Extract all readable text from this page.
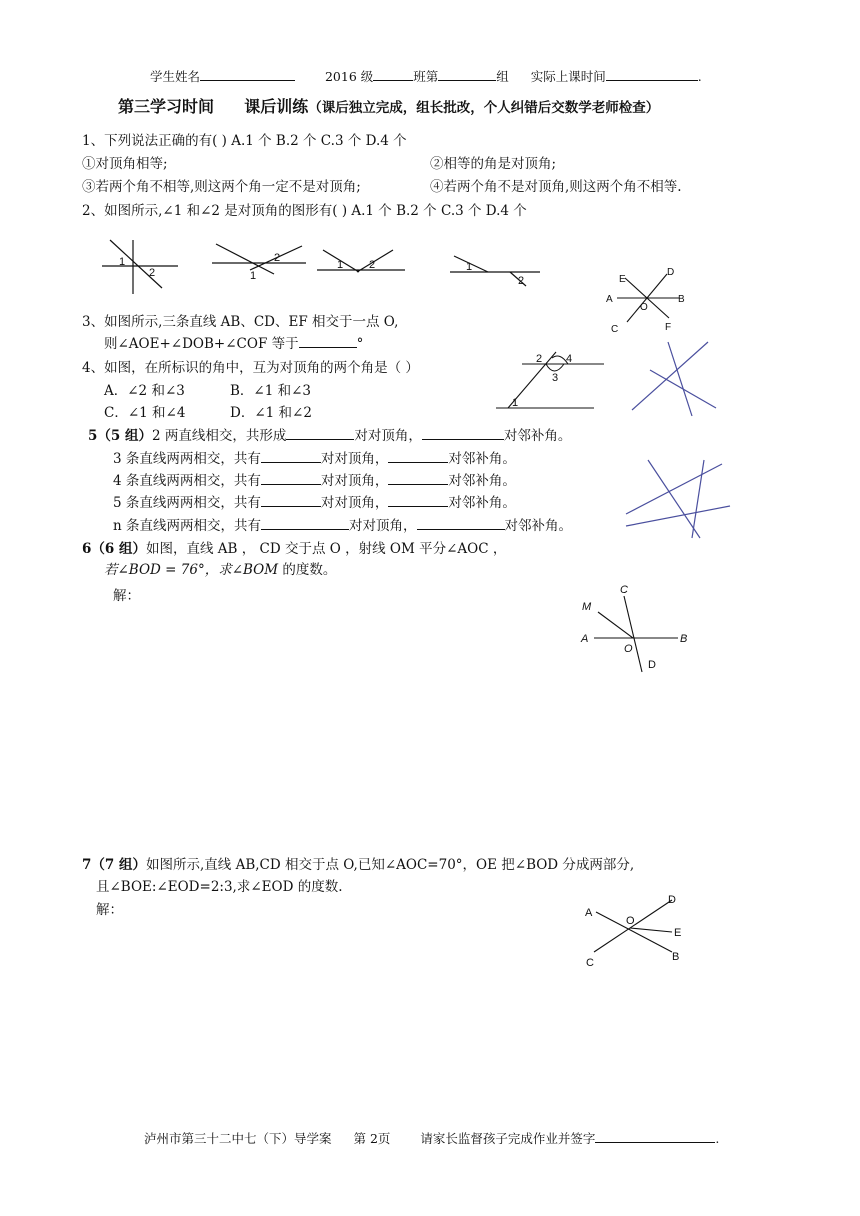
学生姓名	2016 级	班第	组 实际上课时间	.
第三学习时间 课后训练（课后独立完成，组长批改，个人纠错后交数学老师检查）
1、下列说法正确的有( ) A.1 个 B.2 个 C.3 个 D.4 个
①对顶角相等;	②相等的角是对顶角;
③若两个角不相等,则这两个角一定不是对顶角;	④若两个角不是对顶角,则这两个角不相等.
2、如图所示,∠1 和∠2 是对顶角的图形有( ) A.1 个 B.2 个 C.3 个 D.4 个
1
2	1
2
1 2	1
2	E
D
A
O
B
C	F
3、如图所示,三条直线 AB、CD、EF 相交于一点 O,
则∠AOE+∠DOB+∠COF 等于	°
4、如图，在所标识的角中，互为对顶角的两个角是（ ）
A．∠2 和∠3	B．∠1 和∠3
C．∠1 和∠4	D．∠1 和∠2
2 4
3
1
5（5 组）2 两直线相交，共形成	对对顶角，	对邻补角。
3 条直线两两相交，共有	对对顶角，	对邻补角。
4 条直线两两相交，共有	对对顶角，	对邻补角。
5 条直线两两相交，共有	对对顶角，	对邻补角。
n 条直线两两相交，共有	对对顶角，	对邻补角。
6（6 组）如图，直线 AB ， CD 交于点 O ，射线 OM 平分∠AOC ，
若∠BOD = 76°，求∠BOM 的度数。
解：
M
C
A
O
B
D
7（7 组）如图所示,直线 AB,CD 相交于点 O,已知∠AOC=70°，OE 把∠BOD 分成两部分,
且∠BOE:∠EOD=2:3,求∠EOD 的度数.
解：	A
O
D
E
C	B
泸州市第三十二中七（下）导学案 第 2页 请家长监督孩子完成作业并签字	.
